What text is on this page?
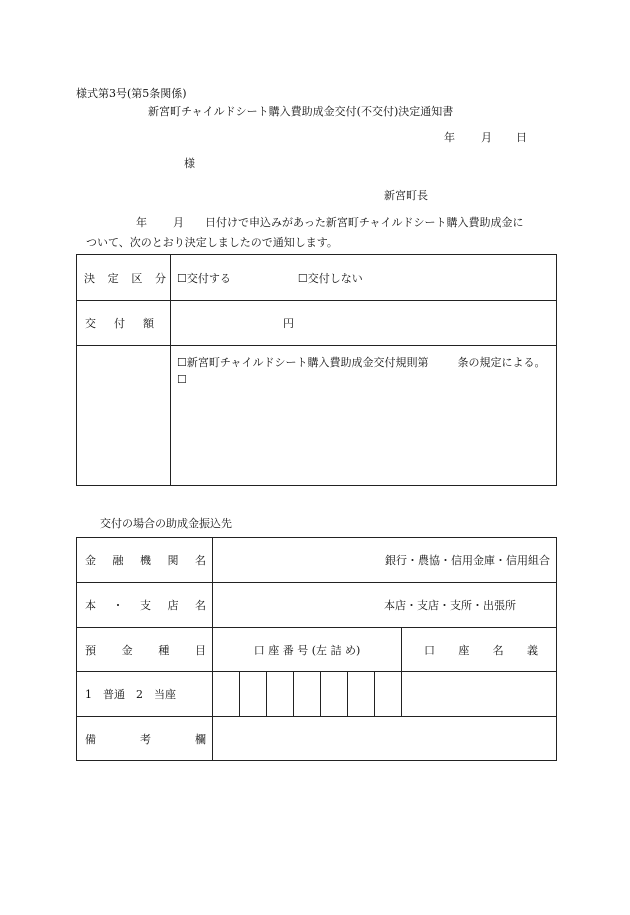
様式第3号(第5条関係)
新宮町チャイルドシート購入費助成金交付(不交付)決定通知書
年 月 日
様
新宮町長
年 月 日付けで申込みがあった新宮町チャイルドシート購入費助成金に
ついて、次のとおり決定しましたので通知します。
決 定 区 分	☐交付する ☐交付しない

交 付 額	円

	☐新宮町チャイルドシート購入費助成金交付規則第 条の規定による。
☐
交付の場合の助成金振込先
金 融 機 関 名	銀行・農協・信用金庫・信用組合							

本 ・ 支 店 名	本店・支店・支所・出張所							

預 金 種 目	口 座 番 号 (左 詰 め)							口 座 名 義

1　普通　2　当座								

備 考 欄								
